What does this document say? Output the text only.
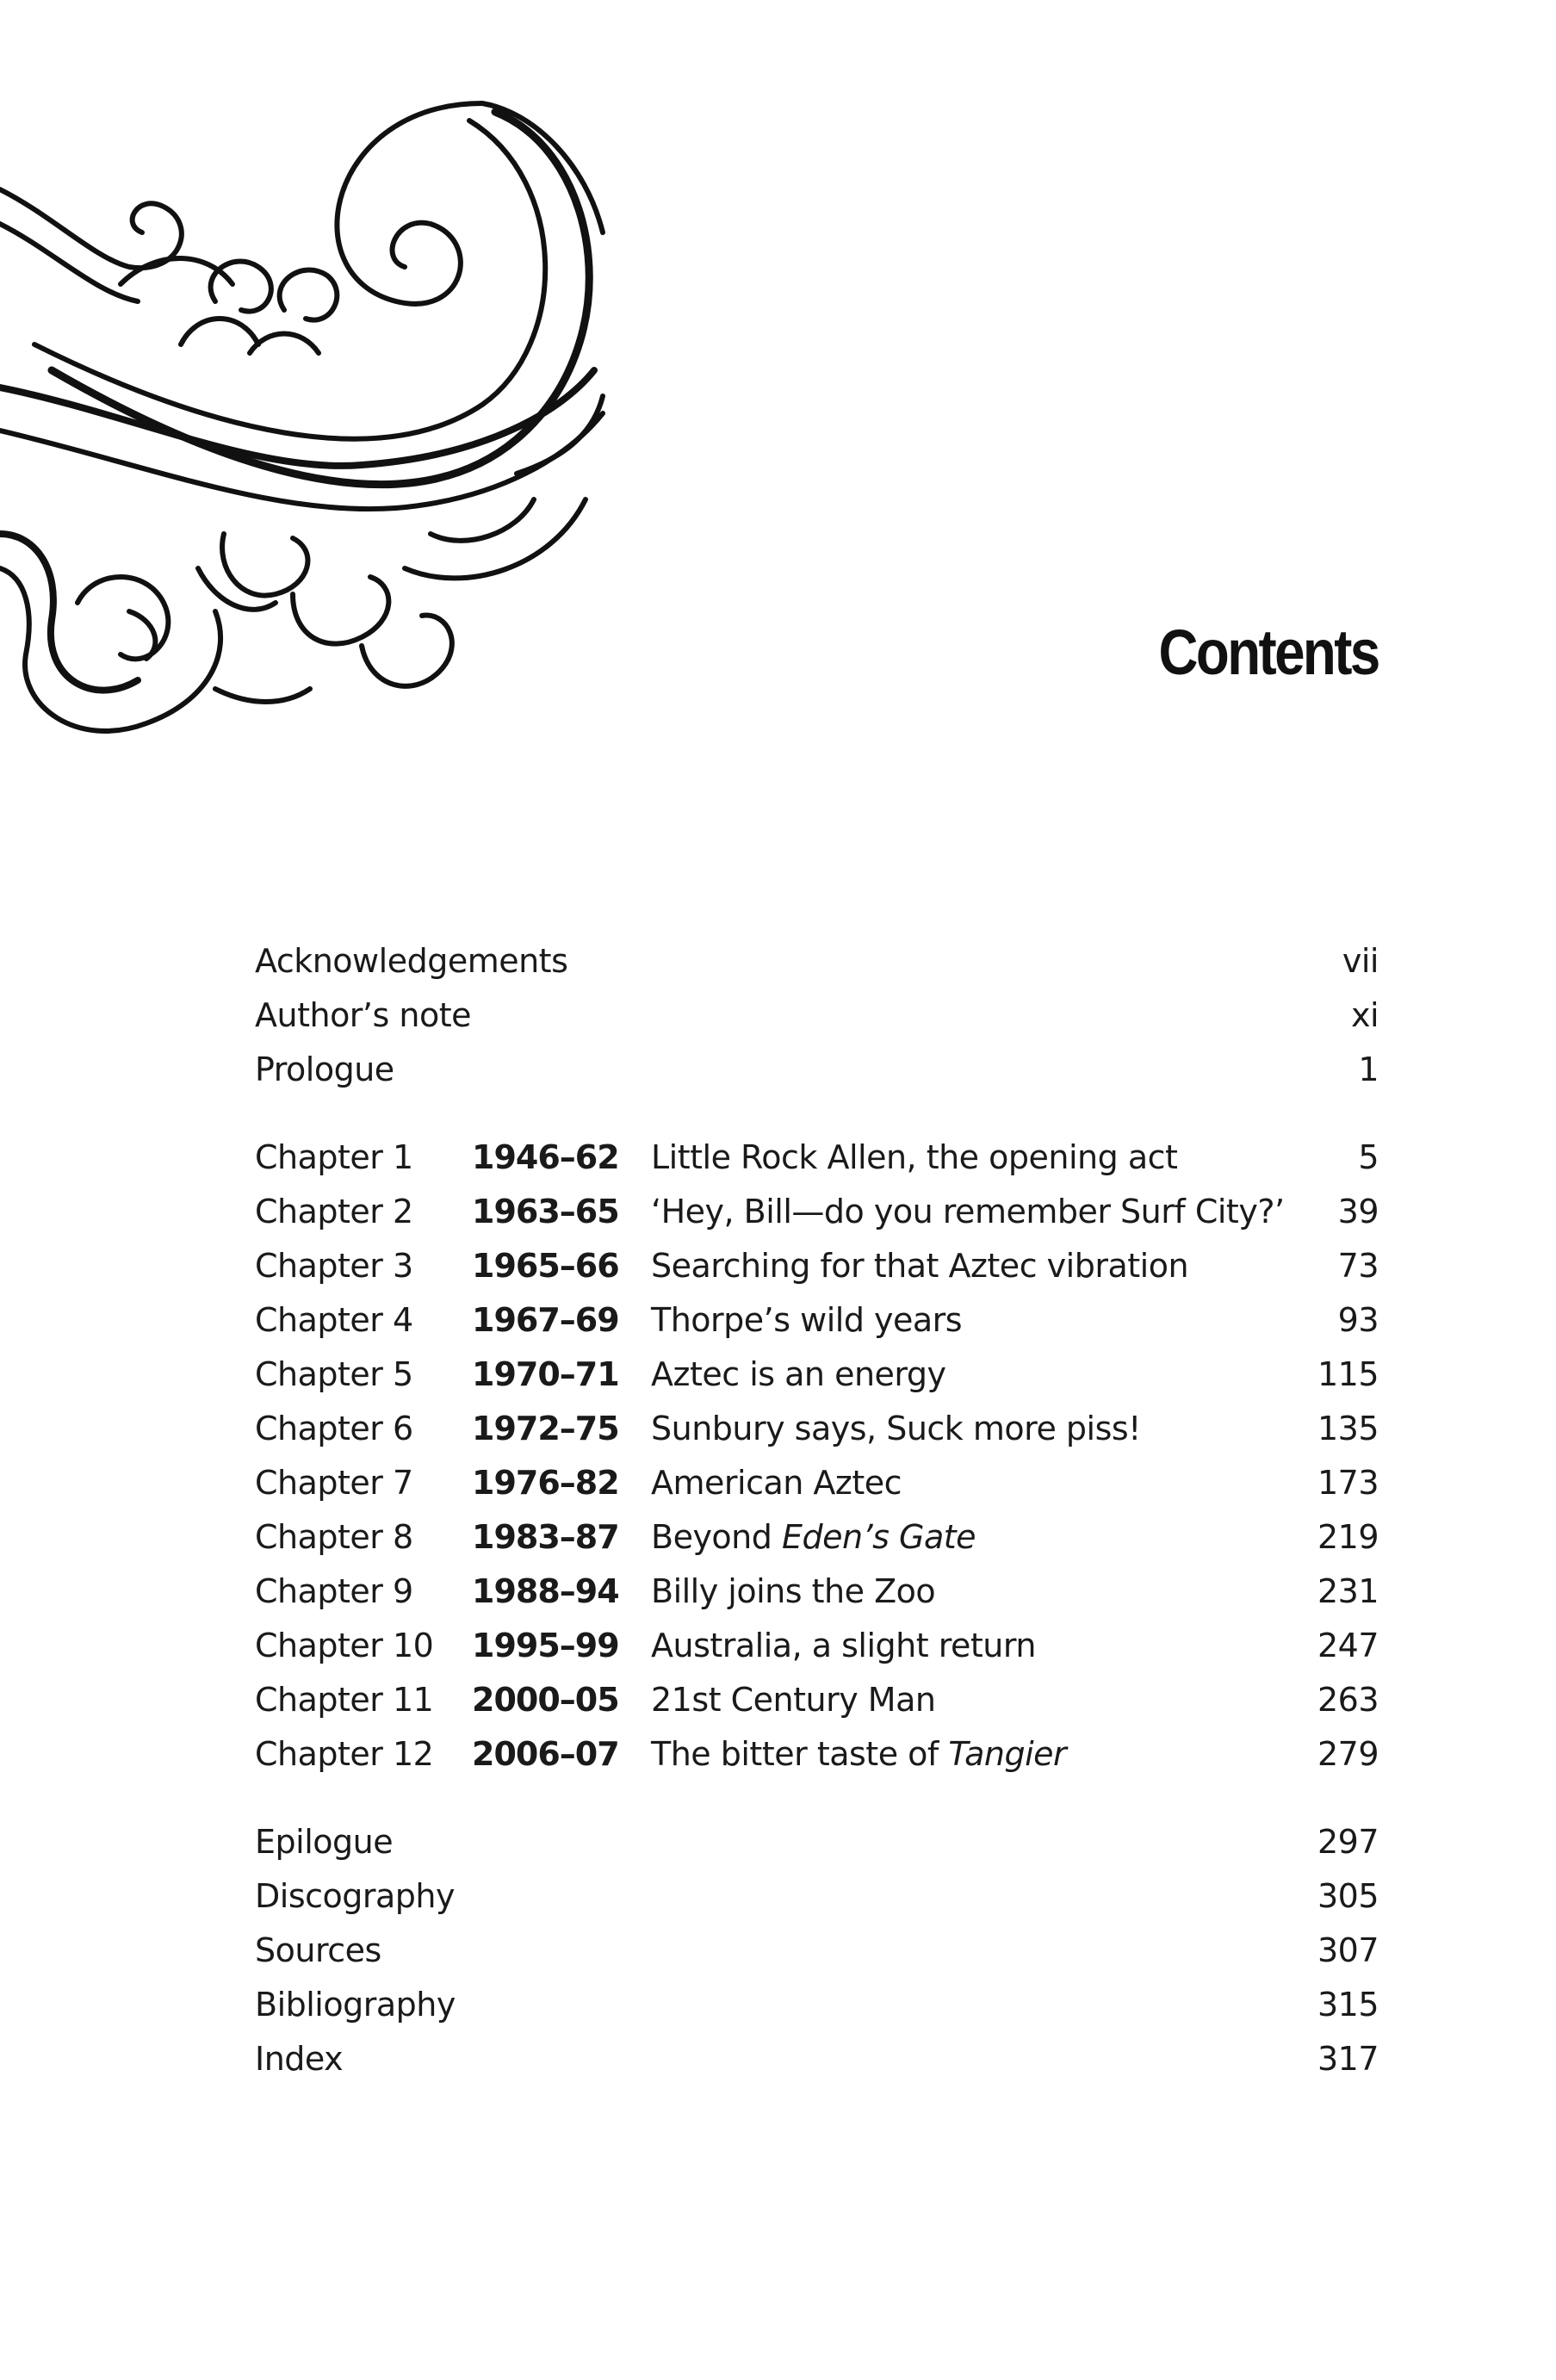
Contents
Acknowledgements	vii
Author’s note	xi
Prologue	1
Chapter 1	1946–62 Little Rock Allen, the opening act	5
Chapter 2	1963–65 ‘Hey, Bill—do you remember Surf City?’	39
Chapter 3	1965–66 Searching for that Aztec vibration	73
Chapter 4	1967–69 Thorpe’s wild years	93
Chapter 5	1970–71 Aztec is an energy	115
Chapter 6	1972–75 Sunbury says, Suck more piss!	135
Chapter 7	1976–82 American Aztec	173
Chapter 8	1983–87 Beyond Eden’s Gate	219
Chapter 9	1988–94 Billy joins the Zoo	231
Chapter 10	1995–99 Australia, a slight return	247
Chapter 11	2000–05 21st Century Man	263
Chapter 12	2006–07 The bitter taste of Tangier	279
Epilogue	297
Discography	305
Sources	307
Bibliography	315
Index	317
